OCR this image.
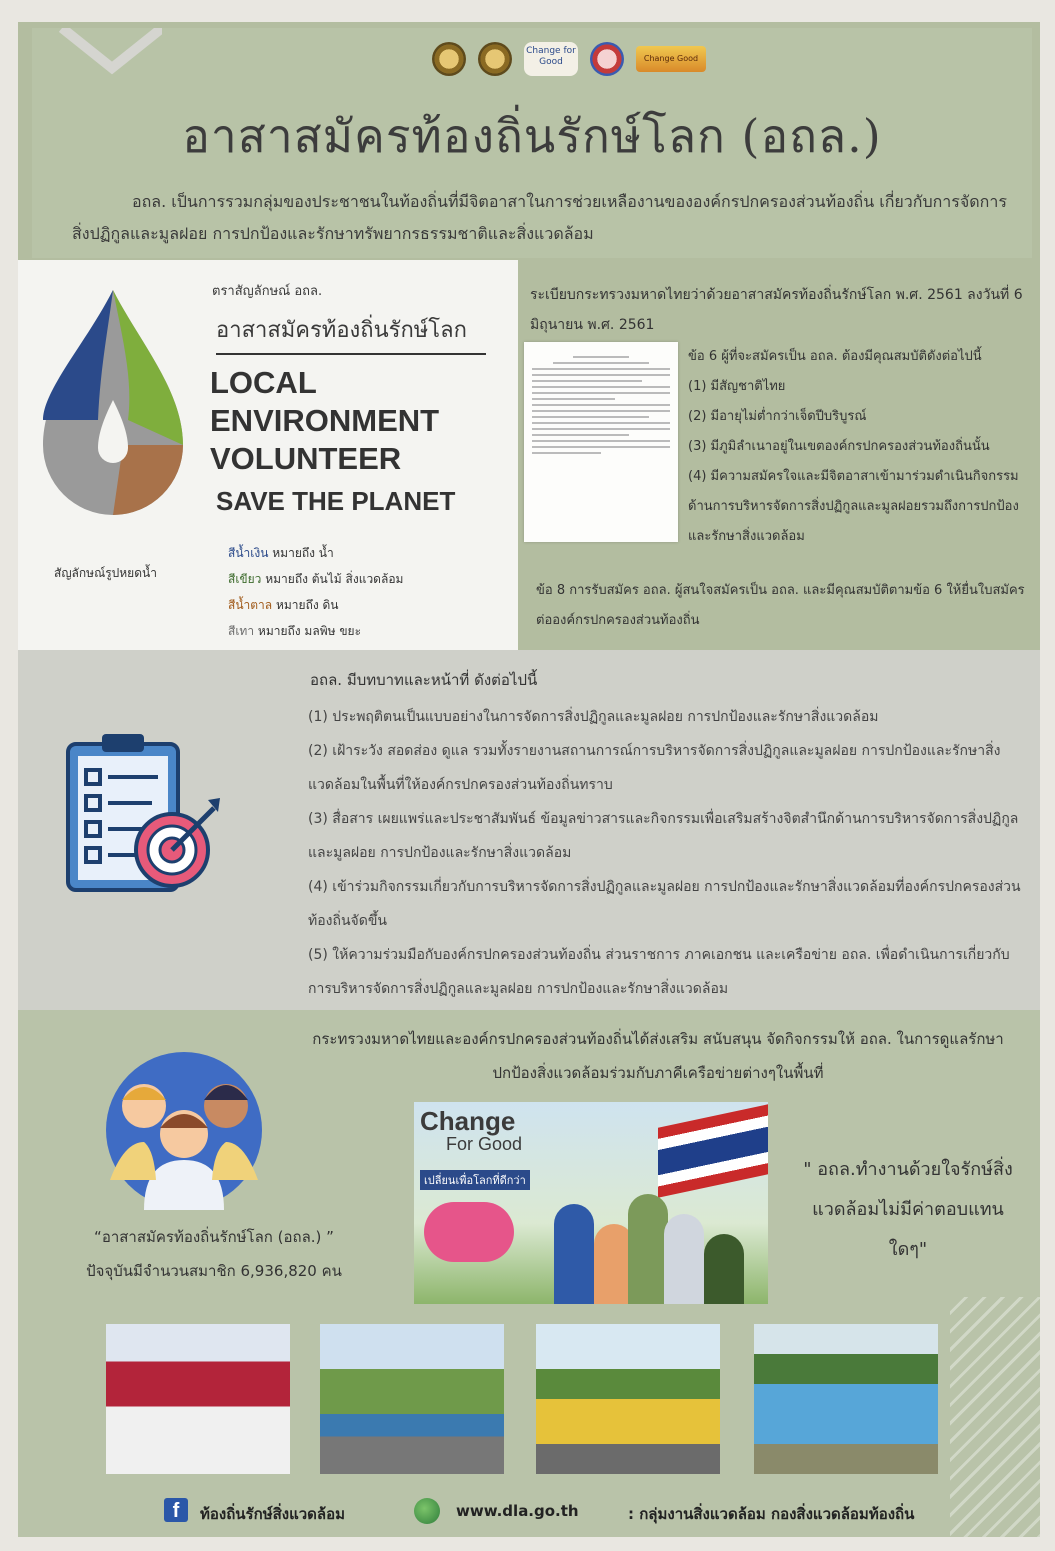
Change for Good	Change Good
อาสาสมัครท้องถิ่นรักษ์โลก (อถล.)

อถล. เป็นการรวมกลุ่มของประชาชนในท้องถิ่นที่มีจิตอาสาในการช่วยเหลืองานขององค์กรปกครองส่วนท้องถิ่น เกี่ยวกับการจัดการสิ่งปฏิกูลและมูลฝอย การปกป้องและรักษาทรัพยากรธรรมชาติและสิ่งแวดล้อม

สัญลักษณ์รูปหยดน้ำ
ตราสัญลักษณ์ อถล.
อาสาสมัครท้องถิ่นรักษ์โลก
LOCAL
ENVIRONMENT
VOLUNTEER
SAVE THE PLANET
สีน้ำเงิน หมายถึง น้ำ
สีเขียว หมายถึง ต้นไม้ สิ่งแวดล้อม
สีน้ำตาล หมายถึง ดิน
สีเทา หมายถึง มลพิษ ขยะ
ระเบียบกระทรวงมหาดไทยว่าด้วยอาสาสมัครท้องถิ่นรักษ์โลก พ.ศ. 2561 ลงวันที่ 6 มิถุนายน พ.ศ. 2561
ข้อ 6 ผู้ที่จะสมัครเป็น อถล. ต้องมีคุณสมบัติดังต่อไปนี้
(1) มีสัญชาติไทย
(2) มีอายุไม่ต่ำกว่าเจ็ดปีบริบูรณ์
(3) มีภูมิลำเนาอยู่ในเขตองค์กรปกครองส่วนท้องถิ่นนั้น
(4) มีความสมัครใจและมีจิตอาสาเข้ามาร่วมดำเนินกิจกรรมด้านการบริหารจัดการสิ่งปฏิกูลและมูลฝอยรวมถึงการปกป้องและรักษาสิ่งแวดล้อม
ข้อ 8 การรับสมัคร อถล. ผู้สนใจสมัครเป็น อถล. และมีคุณสมบัติตามข้อ 6 ให้ยื่นใบสมัครต่อองค์กรปกครองส่วนท้องถิ่น
อถล. มีบทบาทและหน้าที่ ดังต่อไปนี้
(1) ประพฤติตนเป็นแบบอย่างในการจัดการสิ่งปฏิกูลและมูลฝอย การปกป้องและรักษาสิ่งแวดล้อม
(2) เฝ้าระวัง สอดส่อง ดูแล รวมทั้งรายงานสถานการณ์การบริหารจัดการสิ่งปฏิกูลและมูลฝอย การปกป้องและรักษาสิ่งแวดล้อมในพื้นที่ให้องค์กรปกครองส่วนท้องถิ่นทราบ
(3) สื่อสาร เผยแพร่และประชาสัมพันธ์ ข้อมูลข่าวสารและกิจกรรมเพื่อเสริมสร้างจิตสำนึกด้านการบริหารจัดการสิ่งปฏิกูลและมูลฝอย การปกป้องและรักษาสิ่งแวดล้อม
(4) เข้าร่วมกิจกรรมเกี่ยวกับการบริหารจัดการสิ่งปฏิกูลและมูลฝอย การปกป้องและรักษาสิ่งแวดล้อมที่องค์กรปกครองส่วนท้องถิ่นจัดขึ้น
(5) ให้ความร่วมมือกับองค์กรปกครองส่วนท้องถิ่น ส่วนราชการ ภาคเอกชน และเครือข่าย อถล. เพื่อดำเนินการเกี่ยวกับการบริหารจัดการสิ่งปฏิกูลและมูลฝอย การปกป้องและรักษาสิ่งแวดล้อม
กระทรวงมหาดไทยและองค์กรปกครองส่วนท้องถิ่นได้ส่งเสริม สนับสนุน จัดกิจกรรมให้ อถล. ในการดูแลรักษา ปกป้องสิ่งแวดล้อมร่วมกับภาคีเครือข่ายต่างๆในพื้นที่
“อาสาสมัครท้องถิ่นรักษ์โลก (อถล.) ”
ปัจจุบันมีจำนวนสมาชิก 6,936,820 คน
Change
For Good
เปลี่ยนเพื่อโลกที่ดีกว่า
" อถล.ทำงานด้วยใจรักษ์สิ่งแวดล้อมไม่มีค่าตอบแทนใดๆ"
f	ท้องถิ่นรักษ์สิ่งแวดล้อม	www.dla.go.th	: กลุ่มงานสิ่งแวดล้อม กองสิ่งแวดล้อมท้องถิ่น
